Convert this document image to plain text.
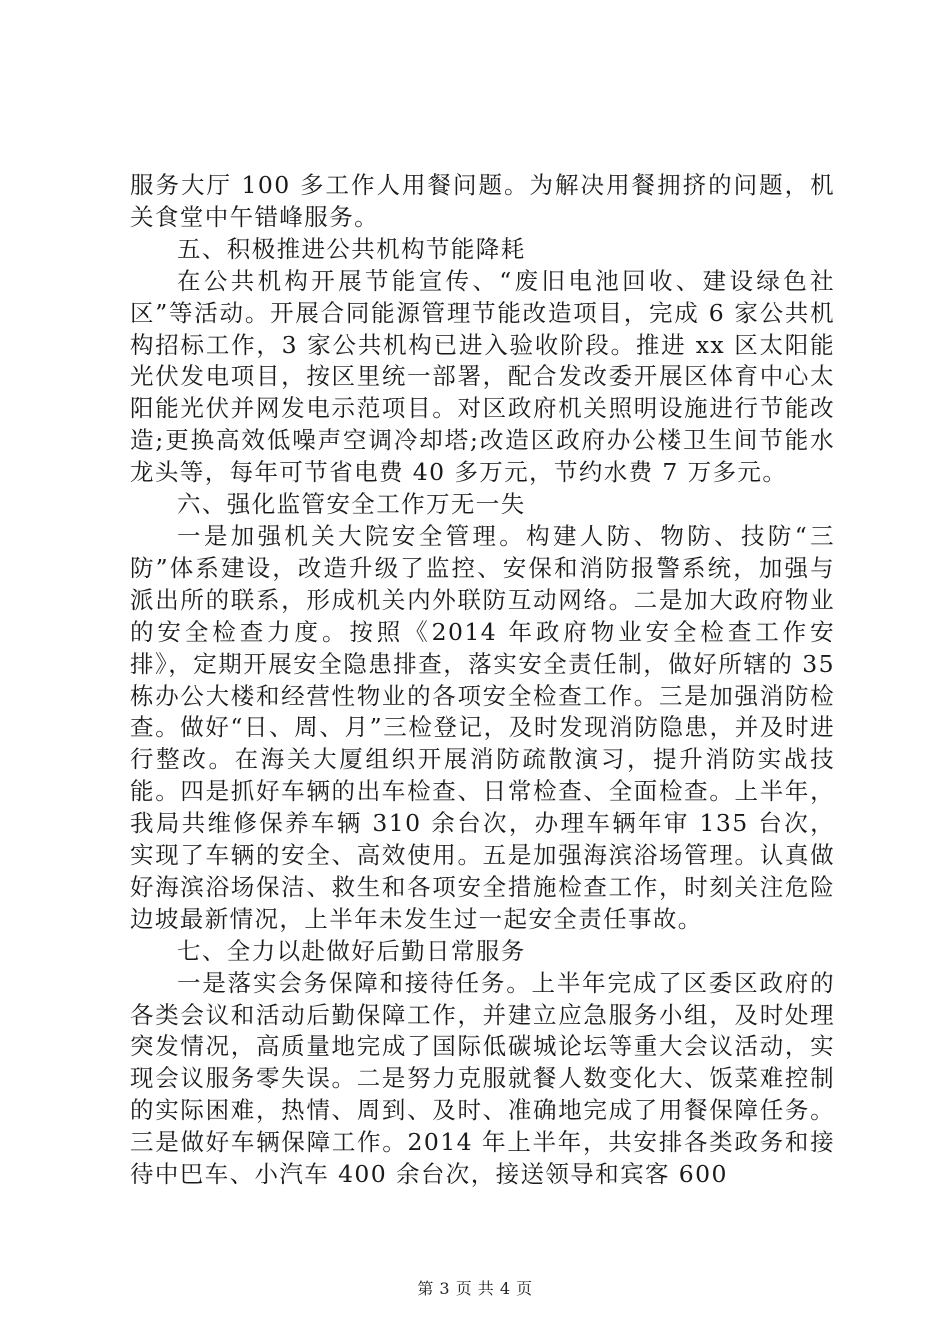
服务大厅 100 多工作人用餐问题。为解决用餐拥挤的问题，机关食堂中午错峰服务。

五、积极推进公共机构节能降耗

在公共机构开展节能宣传、“废旧电池回收、建设绿色社区”等活动。开展合同能源管理节能改造项目，完成 6 家公共机构招标工作，3 家公共机构已进入验收阶段。推进 xx 区太阳能光伏发电项目，按区里统一部署，配合发改委开展区体育中心太阳能光伏并网发电示范项目。对区政府机关照明设施进行节能改造;更换高效低噪声空调冷却塔;改造区政府办公楼卫生间节能水龙头等，每年可节省电费 40 多万元，节约水费 7 万多元。

六、强化监管安全工作万无一失

一是加强机关大院安全管理。构建人防、物防、技防“三防”体系建设，改造升级了监控、安保和消防报警系统，加强与派出所的联系，形成机关内外联防互动网络。二是加大政府物业的安全检查力度。按照《2014 年政府物业安全检查工作安排》，定期开展安全隐患排查，落实安全责任制，做好所辖的 35 栋办公大楼和经营性物业的各项安全检查工作。三是加强消防检查。做好“日、周、月”三检登记，及时发现消防隐患，并及时进行整改。在海关大厦组织开展消防疏散演习，提升消防实战技能。四是抓好车辆的出车检查、日常检查、全面检查。上半年，我局共维修保养车辆 310 余台次，办理车辆年审 135 台次，实现了车辆的安全、高效使用。五是加强海滨浴场管理。认真做好海滨浴场保洁、救生和各项安全措施检查工作，时刻关注危险边坡最新情况，上半年未发生过一起安全责任事故。

七、全力以赴做好后勤日常服务

一是落实会务保障和接待任务。上半年完成了区委区政府的各类会议和活动后勤保障工作，并建立应急服务小组，及时处理突发情况，高质量地完成了国际低碳城论坛等重大会议活动，实现会议服务零失误。二是努力克服就餐人数变化大、饭菜难控制的实际困难，热情、周到、及时、准确地完成了用餐保障任务。三是做好车辆保障工作。2014 年上半年，共安排各类政务和接待中巴车、小汽车 400 余台次，接送领导和宾客 600

第 3 页 共 4 页
